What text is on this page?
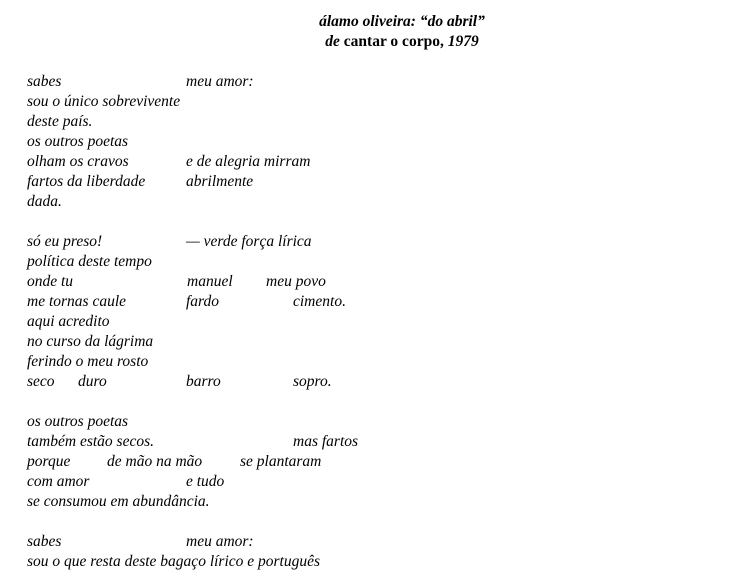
álamo oliveira: “do abril”
de cantar o corpo, 1979
sabes	meu amor:
sou o único sobrevivente
deste país.
os outros poetas
olham os cravos	e de alegria mirram
fartos da liberdade	abrilmente
dada.
só eu preso!	— verde força lírica
política deste tempo
onde tu	manuel meu povo
me tornas caule	fardo	cimento.
aqui acredito
no curso da lágrima
ferindo o meu rosto
seco duro	barro	sopro.
os outros poetas
também estão secos.	mas fartos
porque de mão na mão se plantaram
com amor	e tudo
se consumou em abundância.
sabes	meu amor:
sou o que resta deste bagaço lírico e português
